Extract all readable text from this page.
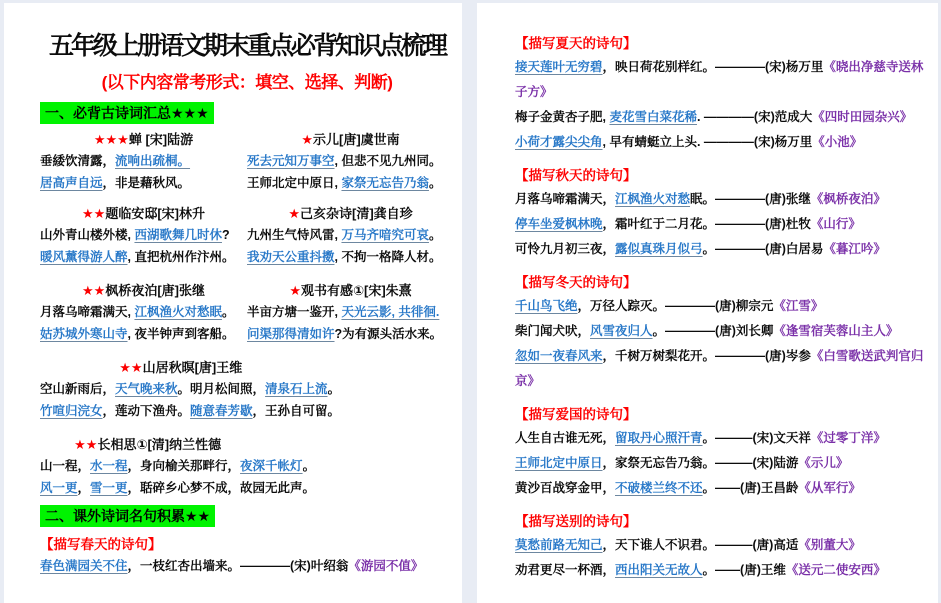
五年级上册语文期末重点必背知识点梳理
(以下内容常考形式：填空、选择、判断)
一、必背古诗词汇总★★★
★★★蝉 [宋]陆游
垂緌饮清露，流响出疏桐。
居高声自远，非是藉秋风。
★示儿[唐]虞世南
死去元知万事空, 但悲不见九州同。
王师北定中原日, 家祭无忘告乃翁。
★★题临安邸[宋]林升
山外青山楼外楼, 西湖歌舞几时休?
暖风薰得游人醉, 直把杭州作汴州。
★己亥杂诗[清]龚自珍
九州生气恃风雷, 万马齐喑究可哀。
我劝天公重抖擞, 不拘一格降人材。
★★枫桥夜泊[唐]张继
月落乌啼霜满天, 江枫渔火对愁眠。
姑苏城外寒山寺, 夜半钟声到客船。
★观书有感①[宋]朱熹
半亩方塘一鉴开, 天光云影, 共徘徊.
问渠那得清如许?为有源头活水来。
★★山居秋暝[唐]王维
空山新雨后，天气晚来秋。明月松间照，清泉石上流。
竹喧归浣女，莲动下渔舟。随意春芳歇，王孙自可留。
★★长相思①[清]纳兰性德
山一程，水一程，身向榆关那畔行，夜深千帐灯。
风一更，雪一更，聒碎乡心梦不成，故园无此声。
二、课外诗词名句积累★★
【描写春天的诗句】
春色满园关不住，一枝红杏出墙来。————(宋)叶绍翁《游园不值》
【描写夏天的诗句】
接天莲叶无穷碧，映日荷花别样红。————(宋)杨万里《晓出净慈寺送林子方》
梅子金黄杏子肥, 麦花雪白菜花稀. ————(宋)范成大《四时田园杂兴》
小荷才露尖尖角, 早有蜻蜓立上头. ————(宋)杨万里《小池》
【描写秋天的诗句】
月落乌啼霜满天，江枫渔火对愁眠。————(唐)张继《枫桥夜泊》
停车坐爱枫林晚，霜叶红于二月花。————(唐)杜牧《山行》
可怜九月初三夜，露似真珠月似弓。————(唐)白居易《暮江吟》
【描写冬天的诗句】
千山鸟飞绝，万径人踪灭。————(唐)柳宗元《江雪》
柴门闻犬吠，风雪夜归人。————(唐)刘长卿《逢雪宿芙蓉山主人》
忽如一夜春风来，千树万树梨花开。————(唐)岑参《白雪歌送武判官归京》
【描写爱国的诗句】
人生自古谁无死，留取丹心照汗青。———(宋)文天祥《过零丁洋》
王师北定中原日，家祭无忘告乃翁。———(宋)陆游《示儿》
黄沙百战穿金甲，不破楼兰终不还。——(唐)王昌龄《从军行》
【描写送别的诗句】
莫愁前路无知己，天下谁人不识君。———(唐)高适《别董大》
劝君更尽一杯酒，西出阳关无故人。——(唐)王维《送元二使安西》
